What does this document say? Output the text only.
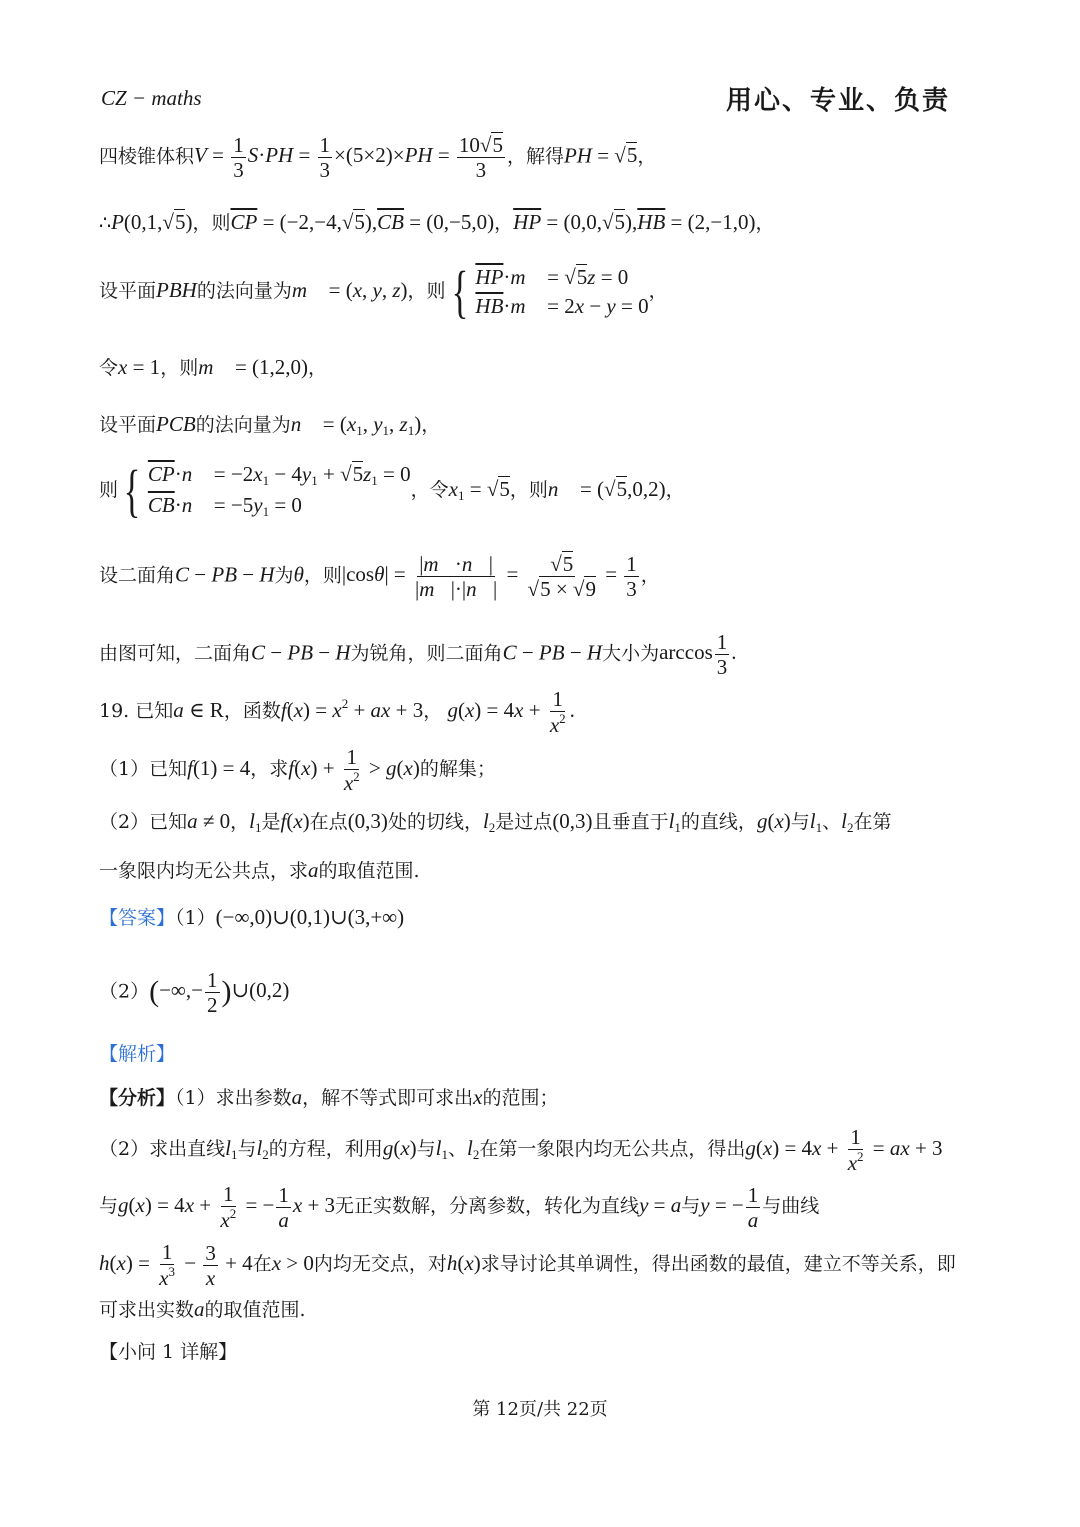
CZ − maths	用心、专业、负责
四棱锥体积$V = \frac{1}{3} S\cdot PH = \frac{1}{3} \times(5\times 2)\times PH = \frac{10√5}{3}$ ，解得PH = √5，
∴P(0,1,√5)，则$\overline{CP} = (-2,-4,√5),\overline{CB} = (0,-5,0)$，$\overline{HP} = (0,0,√5),\overline{HB} = (2,-1,0)$，
设平面PBH的法向量为m⃗ = (x, y, z)，则 { $\overline{HP}\cdot m⃗ = √5z = 0$
$\overline{HB}\cdot m⃗ = 2x - y = 0$
，
令x = 1，则m⃗ = (1,2,0)，
设平面PCB的法向量为n⃗ = ($x_1$, $y_1$, $z_1$)，
则 { $\overline{CP}\cdot n⃗ = -2x_1 - 4y_1 + √5z_1 = 0$
$\overline{CB}\cdot n⃗ = -5y_1 = 0$
，令$x_1 = √5$，则n⃗ = (√5,0,2)，
设二面角C − PB − H为θ，则$|\cos\theta| = \frac{|m⃗\cdot n⃗|}{|m⃗|\cdot|n⃗|} = \frac{√5}{√5 \times √9} = \frac{1}{3}$ ，
由图可知，二面角C − PB − H为锐角，则二面角C − PB − H大小为$\arccos \frac{1}{3}$ .
19. 已知a ∈ R，函数$f(x) = x^2$ + ax + 3， $g(x) = 4x + \frac{1}{x^2}$ .
（1）已知f(1) = 4，求$f(x) + \frac{1}{x^2} > g(x)$的解集；
（2）已知a ≠ 0，$l_1$是f(x)在点(0,3)处的切线，$l_2$是过点(0,3)且垂直于$l_1$的直线，g(x)与$l_1$、$l_2$在第
一象限内均无公共点，求a的取值范围.
【答案】（1）(−∞,0)∪(0,1)∪(3,+∞)
$(2)(-\infty,- \frac{1}{2}$ )∪(0,2)
【解析】
【分析】（1）求出参数a，解不等式即可求出x的范围；
（2）求出直线$l_1$与$l_2$的方程，利用g(x)与$l_1$、$l_2$在第一象限内均无公共点，得出$g(x) = 4x + \frac{1}{x^2}$ = ax + 3
与$g(x) = 4x + \frac{1}{x^2}$ = − $\frac{1}{a}$ x + 3无正实数解，分离参数，转化为直线y = a与y = − $\frac{1}{a}$ 与曲线
$h(x) = \frac{1}{x^3} - \frac{3}{x} + 4$在x > 0内均无交点，对h(x)求导讨论其单调性，得出函数的最值，建立不等关系，即
可求出实数a的取值范围.
【小问 1 详解】
第 12页/共 22页
